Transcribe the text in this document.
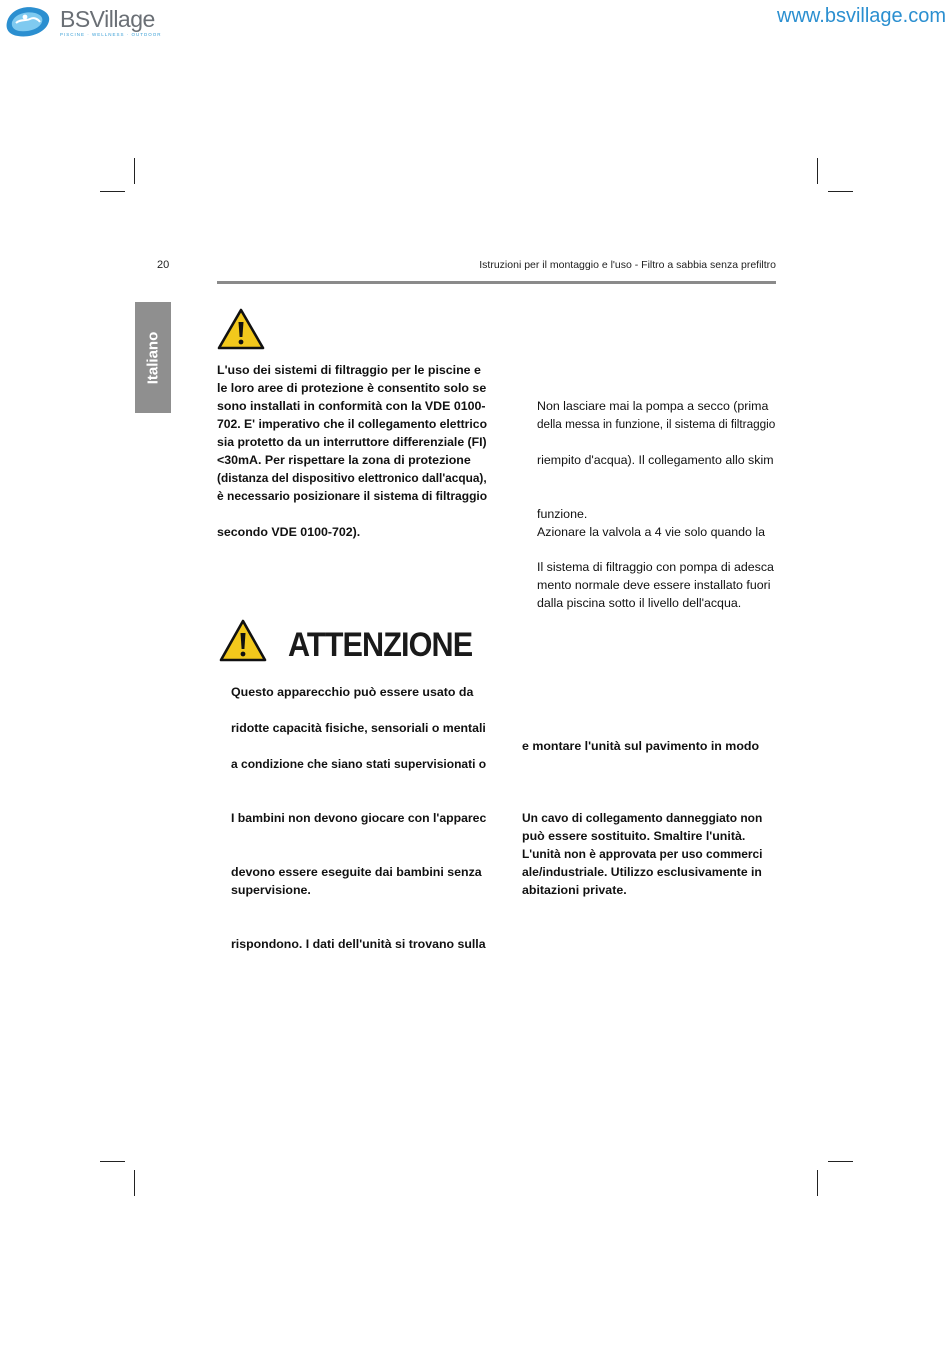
BSVillage
PISCINE · WELLNESS · OUTDOOR
www.bsvillage.com
20	Istruzioni per il montaggio e l'uso - Filtro a sabbia senza prefiltro
Italiano	L'uso dei sistemi di filtraggio per le piscine e
le loro aree di protezione è consentito solo se
sono installati in conformità con la VDE 0100-
702. E' imperativo che il collegamento elettrico
sia protetto da un interruttore differenziale (FI)
<30mA. Per rispettare la zona di protezione
(distanza del dispositivo elettronico dall'acqua),
è necessario posizionare il sistema di filtraggio
secondo VDE 0100-702).
Non lasciare mai la pompa a secco (prima
della messa in funzione, il sistema di filtraggio
riempito d'acqua). Il collegamento allo skim
funzione.
Azionare la valvola a 4 vie solo quando la
Il sistema di filtraggio con pompa di adesca
mento normale deve essere installato fuori
dalla piscina sotto il livello dell'acqua.
ATTENZIONE
Questo apparecchio può essere usato da
ridotte capacità fisiche, sensoriali o mentali
a condizione che siano stati supervisionati o
I bambini non devono giocare con l'apparec
devono essere eseguite dai bambini senza
supervisione.
rispondono. I dati dell'unità si trovano sulla
e montare l'unità sul pavimento in modo
Un cavo di collegamento danneggiato non
può essere sostituito. Smaltire l'unità.
L'unità non è approvata per uso commerci
ale/industriale. Utilizzo esclusivamente in
abitazioni private.
